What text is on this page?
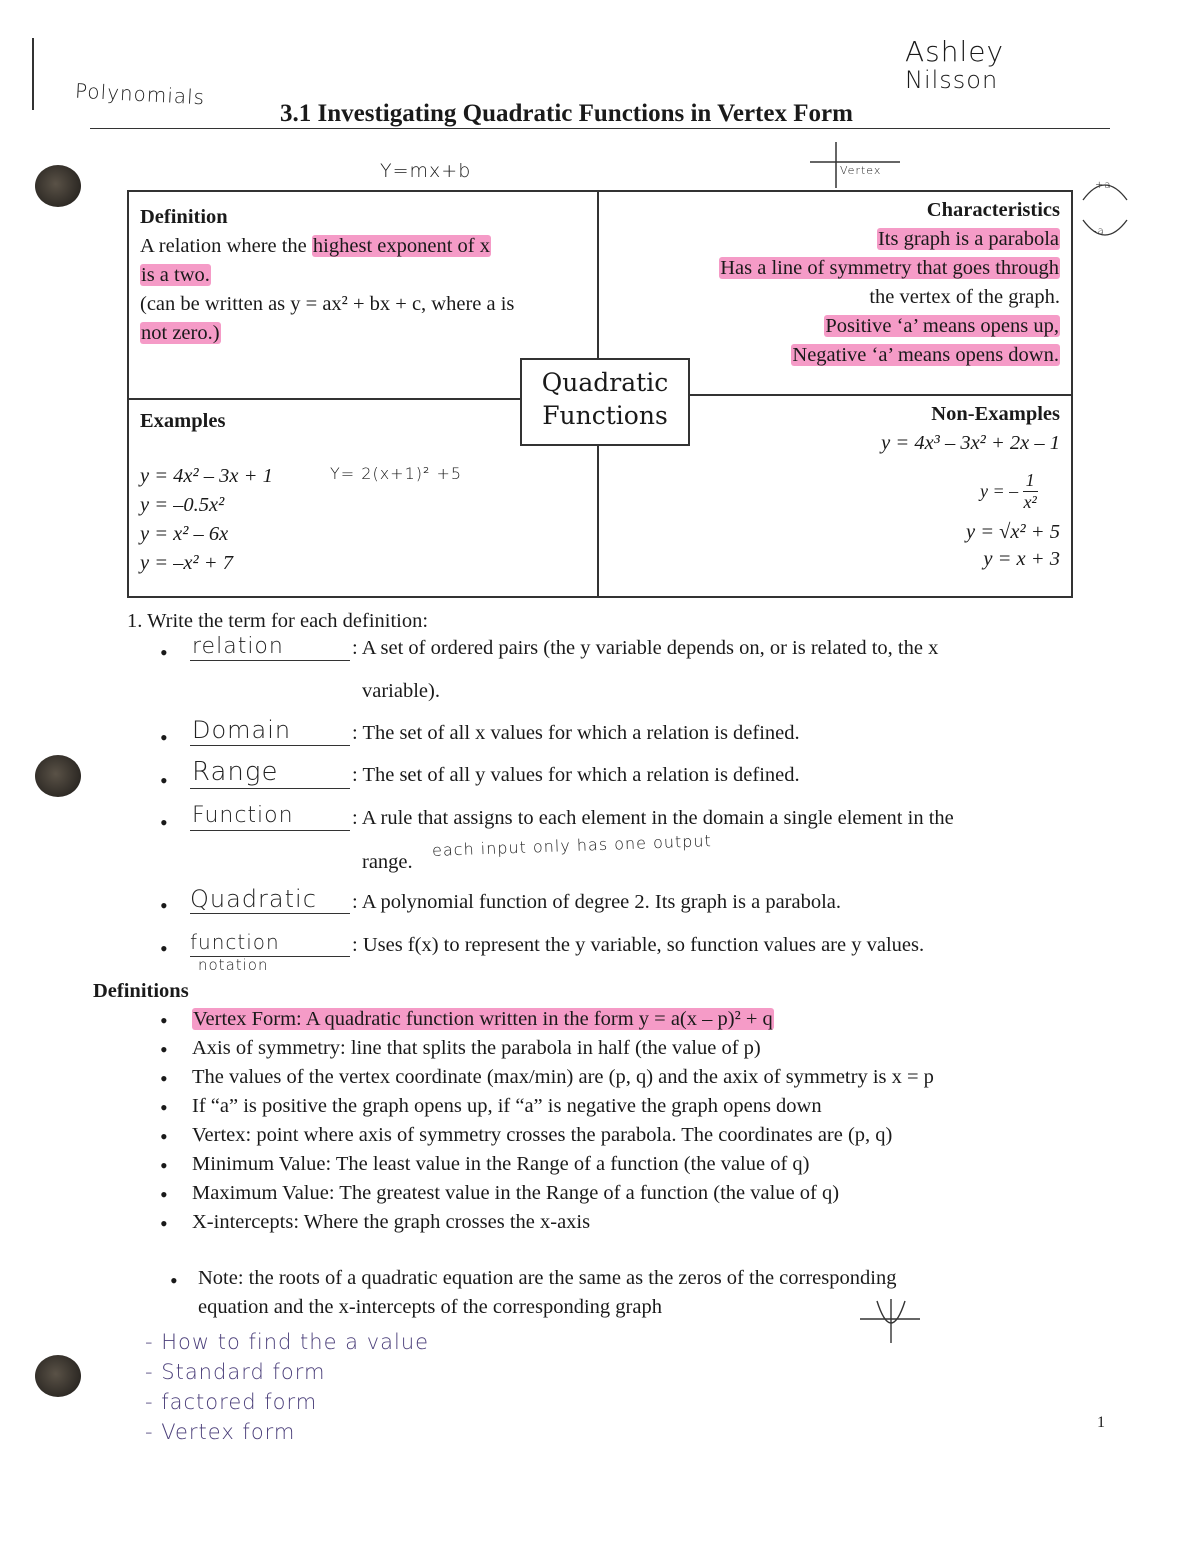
Polynomials
Ashley
Nilsson
3.1 Investigating Quadratic Functions in Vertex Form
Y=mx+b	Vertex
+a
-a
Definition
A relation where the highest exponent of x
is a two.
(can be written as y = ax² + bx + c, where a is
not zero.)
Characteristics
Its graph is a parabola
Has a line of symmetry that goes through
the vertex of the graph.
Positive ‘a’ means opens up,
Negative ‘a’ means opens down.
Quadratic
Functions
Examples
y = 4x² – 3x + 1
y = –0.5x²
y = x² – 6x
y = –x² + 7
Y= 2(x+1)² +5
Non-Examples
y = 4x³ – 3x² + 2x – 1
y = – $\frac{1}{\text{x²}}$
y = √x² + 5
y = x + 3
1. Write the term for each definition:
• relation	: A set of ordered pairs (the y variable depends on, or is related to, the x
variable).
• Domain	: The set of all x values for which a relation is defined.
• Range	: The set of all y values for which a relation is defined.
• Function	: A rule that assigns to each element in the domain a single element in the
range.
each input only has one output
• Quadratic : A polynomial function of degree 2. Its graph is a parabola.
• function
notation
: Uses f(x) to represent the y variable, so function values are y values.
Definitions
• Vertex Form: A quadratic function written in the form y = a(x – p)² + q
• Axis of symmetry: line that splits the parabola in half (the value of p)
• The values of the vertex coordinate (max/min) are (p, q) and the axix of symmetry is x = p
• If “a” is positive the graph opens up, if “a” is negative the graph opens down
• Vertex: point where axis of symmetry crosses the parabola. The coordinates are (p, q)
• Minimum Value: The least value in the Range of a function (the value of q)
• Maximum Value: The greatest value in the Range of a function (the value of q)
• X-intercepts: Where the graph crosses the x-axis
• Note: the roots of a quadratic equation are the same as the zeros of the corresponding
equation and the x-intercepts of the corresponding graph
- How to find the a value
- Standard form
- factored form
- Vertex form	1
